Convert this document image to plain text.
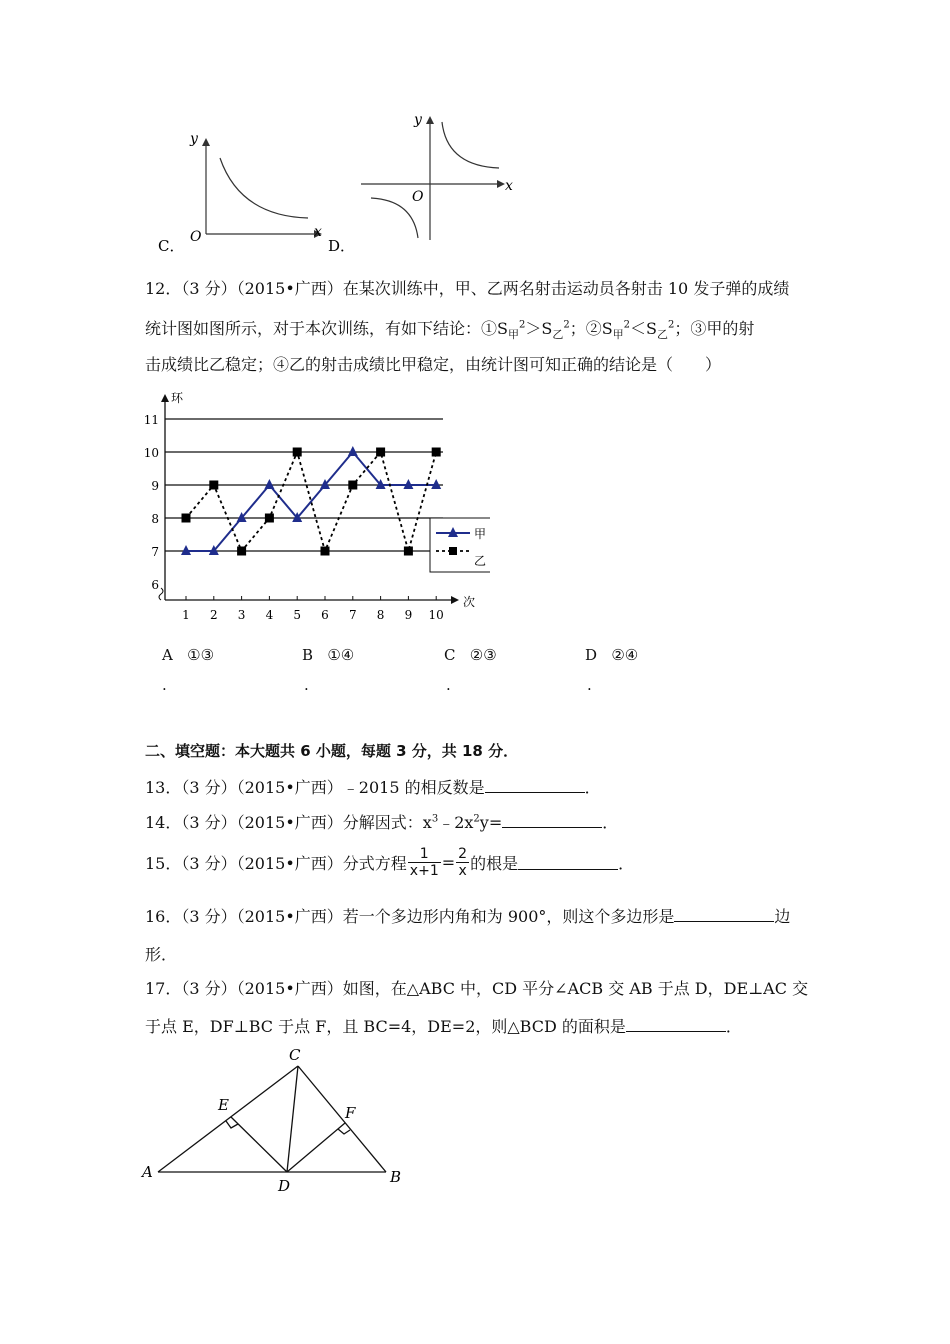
y
x
O
C．
y
x
O
D．
12．（3 分）（2015•广西）在某次训练中，甲、乙两名射击运动员各射击 10 发子弹的成绩
统计图如图所示，对于本次训练，有如下结论：$①S_甲^2>S_乙^2$；$②S_甲^2<S_乙^2$；③甲的射
击成绩比乙稳定；④乙的射击成绩比甲稳定，由统计图可知正确的结论是（　　）
6
7
8
9
10
11
1 2 3 4 5 6 7 8 9 10
环
次
甲
乙
A ①③	B ①④	C ②③	D ②④
.	.	.	.
二、填空题：本大题共 6 小题，每题 3 分，共 18 分．
13．（3 分）（2015•广西）﹣2015 的相反数是	．
14．（3 分）（2015•广西）分解因式：$x^3﹣2x^2y=$	．
15．（3 分）（2015•广西）分式方程 $\frac{1}{x+1} = \frac{2}{x}$ 的根是	．
16．（3 分）（2015•广西）若一个多边形内角和为 900°，则这个多边形是	边
形．
17．（3 分）（2015•广西）如图，在△ABC 中，CD 平分∠ACB 交 AB 于点 D，DE⊥AC 交
于点 E，DF⊥BC 于点 F，且 BC=4，DE=2，则△BCD 的面积是	．
A	B
C
D
E	F
